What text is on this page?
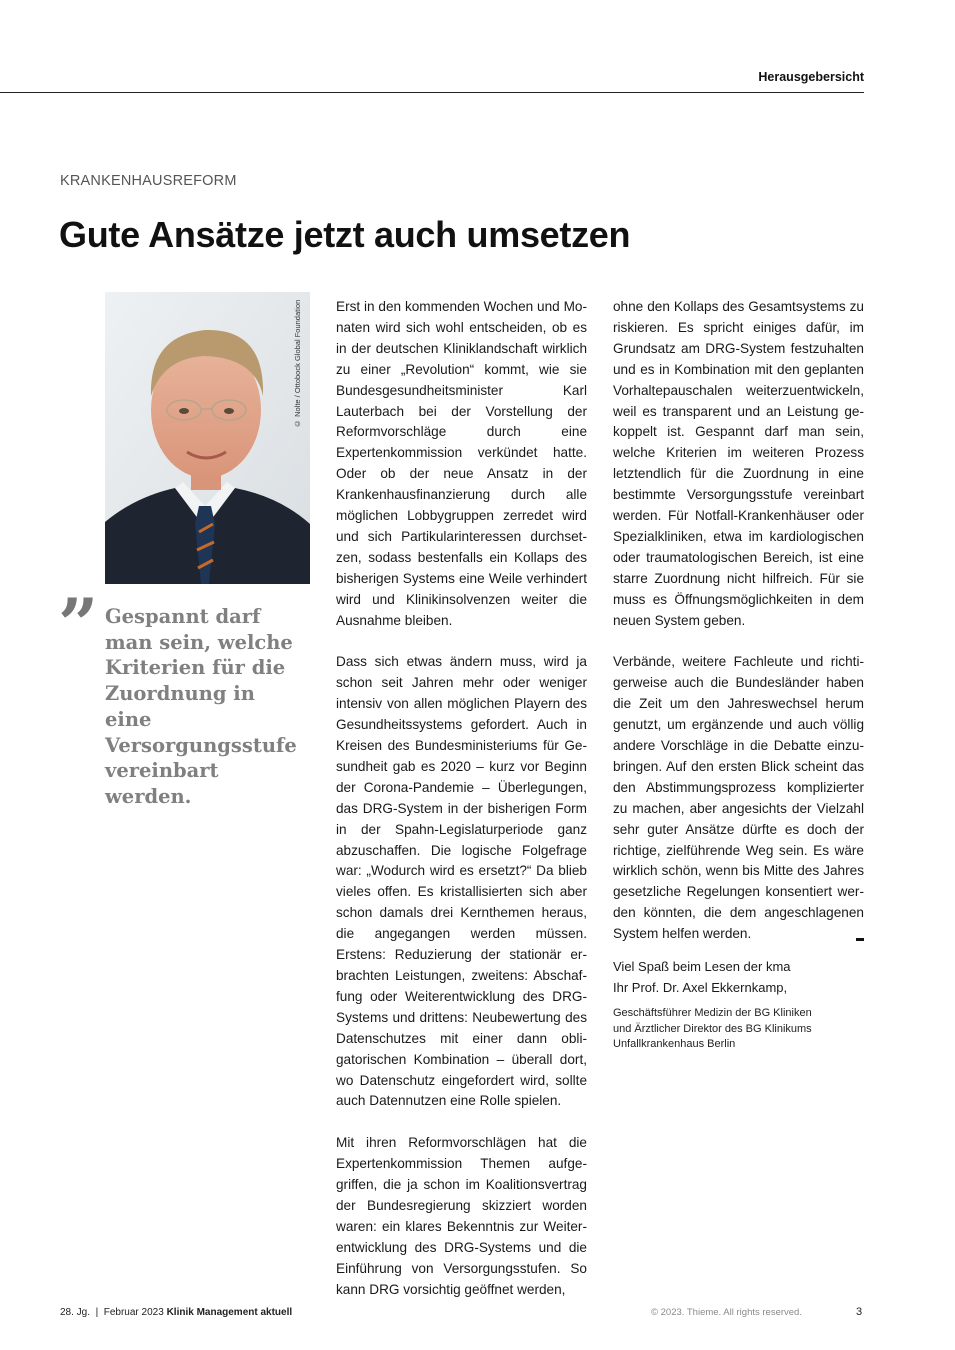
Herausgebersicht
KRANKENHAUSREFORM
Gute Ansätze jetzt auch umsetzen
© Nolte / Ottobock Global Foundation
” Gespannt darf man sein, welche Kriterien für die Zuordnung in eine Versorgungsstufe vereinbart werden.

Erst in den kommenden Wochen und Monaten wird sich wohl entscheiden, ob es in der deutschen Kliniklandschaft wirklich zu einer „Revolution“ kommt, wie sie Bundesgesundheitsminister Karl Lauterbach bei der Vorstellung der Reformvorschläge durch eine Expertenkommission verkündet hatte. Oder ob der neue Ansatz in der Krankenhausfinanzierung durch alle möglichen Lobbygruppen zerredet wird und sich Partikularinteressen durchsetzen, sodass bestenfalls ein Kollaps des bisherigen Systems eine Weile verhindert wird und Klinikinsolvenzen weiter die Ausnahme bleiben.

Dass sich etwas ändern muss, wird ja schon seit Jahren mehr oder weniger intensiv von allen möglichen Playern des Gesundheitssystems gefordert. Auch in Kreisen des Bundesministeriums für Gesundheit gab es 2020 – kurz vor Beginn der Corona-Pandemie – Überlegungen, das DRG-System in der bisherigen Form in der Spahn-Legislaturperiode ganz abzuschaffen. Die logische Folgefrage war: „Wodurch wird es ersetzt?“ Da blieb vieles offen. Es kristallisierten sich aber schon damals drei Kernthemen heraus, die angegangen werden müssen. Erstens: Reduzierung der stationär erbrachten Leistungen, zweitens: Abschaffung oder Weiterentwicklung des DRG-Systems und drittens: Neubewertung des Datenschutzes mit einer dann obligatorischen Kombination – überall dort, wo Datenschutz eingefordert wird, sollte auch Datennutzen eine Rolle spielen.

Mit ihren Reformvorschlägen hat die Expertenkommission Themen aufgegriffen, die ja schon im Koalitionsvertrag der Bundesregierung skizziert worden waren: ein klares Bekenntnis zur Weiterentwicklung des DRG-Systems und die Einführung von Versorgungsstufen. So kann DRG vorsichtig geöffnet werden,

ohne den Kollaps des Gesamtsystems zu riskieren. Es spricht einiges dafür, im Grundsatz am DRG-System festzuhalten und es in Kombination mit den geplanten Vorhaltepauschalen weiterzuentwickeln, weil es transparent und an Leistung gekoppelt ist. Gespannt darf man sein, welche Kriterien im weiteren Prozess letztendlich für die Zuordnung in eine bestimmte Versorgungsstufe vereinbart werden. Für Notfall-Krankenhäuser oder Spezialkliniken, etwa im kardiologischen oder traumatologischen Bereich, ist eine starre Zuordnung nicht hilfreich. Für sie muss es Öffnungsmöglichkeiten in dem neuen System geben.

Verbände, weitere Fachleute und richtigerweise auch die Bundesländer haben die Zeit um den Jahreswechsel herum genutzt, um ergänzende und auch völlig andere Vorschläge in die Debatte einzubringen. Auf den ersten Blick scheint das den Abstimmungsprozess komplizierter zu machen, aber angesichts der Vielzahl sehr guter Ansätze dürfte es doch der richtige, zielführende Weg sein. Es wäre wirklich schön, wenn bis Mitte des Jahres gesetzliche Regelungen konsentiert werden könnten, die dem angeschlagenen System helfen werden.

Viel Spaß beim Lesen der kma
Ihr Prof. Dr. Axel Ekkernkamp,
Geschäftsführer Medizin der BG Kliniken
und Ärztlicher Direktor des BG Klinikums
Unfallkrankenhaus Berlin
28. Jg.  |  Februar 2023 Klinik Management aktuell	© 2023. Thieme. All rights reserved.	3
